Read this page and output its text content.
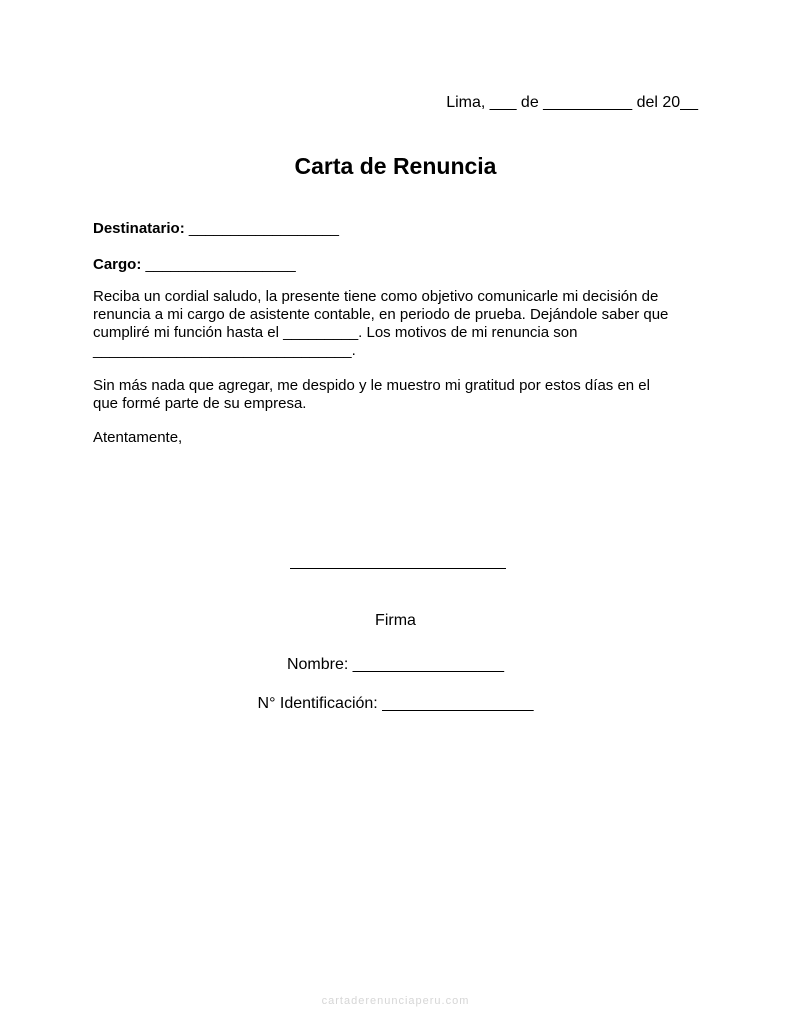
Lima, ___ de __________ del 20__
Carta de Renuncia
Destinatario: __________________
Cargo: __________________
Reciba un cordial saludo, la presente tiene como objetivo comunicarle mi decisión de
renuncia a mi cargo de asistente contable, en periodo de prueba. Dejándole saber que
cumpliré mi función hasta el _________. Los motivos de mi renuncia son
_______________________________.
Sin más nada que agregar, me despido y le muestro mi gratitud por estos días en el
que formé parte de su empresa.
Atentamente,
Firma
Nombre: _________________
N° Identificación: _________________
cartaderenunciaperu.com
